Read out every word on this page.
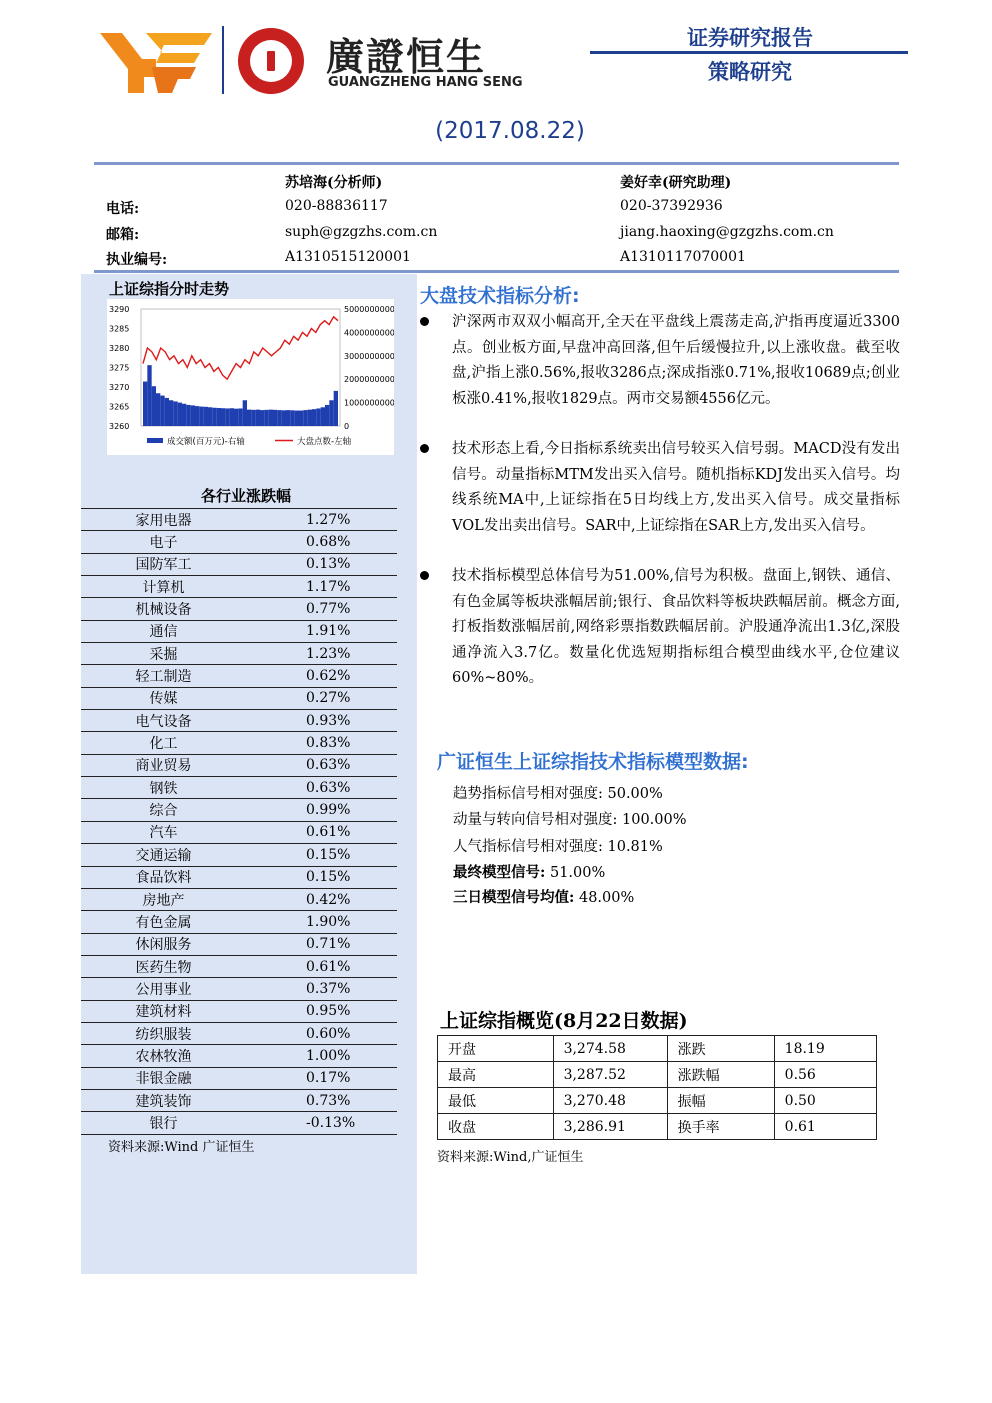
廣證恒生
GUANGZHENG HANG SENG
证券研究报告
策略研究
(2017.08.22)
苏培海(分析师)	姜好幸(研究助理)
电话:	020-88836117	020-37392936
邮箱:	suph@gzgzhs.com.cn	jiang.haoxing@gzgzhs.com.cn
执业编号:	A1310515120001	A1310117070001
上证综指分时走势
3290
3285
3280
3275
3270
3265
3260
5000000000
4000000000
3000000000
2000000000
1000000000
0
成交额(百万元)-右轴	大盘点数-左轴
各行业涨跌幅
家用电器	1.27%
电子	0.68%
国防军工	0.13%
计算机	1.17%
机械设备	0.77%
通信	1.91%
采掘	1.23%
轻工制造	0.62%
传媒	0.27%
电气设备	0.93%
化工	0.83%
商业贸易	0.63%
钢铁	0.63%
综合	0.99%
汽车	0.61%
交通运输	0.15%
食品饮料	0.15%
房地产	0.42%
有色金属	1.90%
休闲服务	0.71%
医药生物	0.61%
公用事业	0.37%
建筑材料	0.95%
纺织服装	0.60%
农林牧渔	1.00%
非银金融	0.17%
建筑装饰	0.73%
银行	-0.13%
资料来源:Wind 广证恒生
大盘技术指标分析:
沪深两市双双小幅高开,全天在平盘线上震荡走高,沪指再度逼近3300点。创业板方面,早盘冲高回落,但午后缓慢拉升,以上涨收盘。截至收盘,沪指上涨0.56%,报收3286点;深成指涨0.71%,报收10689点;创业板涨0.41%,报收1829点。两市交易额4556亿元。
技术形态上看,今日指标系统卖出信号较买入信号弱。MACD没有发出信号。动量指标MTM发出买入信号。随机指标KDJ发出买入信号。均线系统MA中,上证综指在5日均线上方,发出买入信号。成交量指标VOL发出卖出信号。SAR中,上证综指在SAR上方,发出买入信号。
技术指标模型总体信号为51.00%,信号为积极。盘面上,钢铁、通信、有色金属等板块涨幅居前;银行、食品饮料等板块跌幅居前。概念方面,打板指数涨幅居前,网络彩票指数跌幅居前。沪股通净流出1.3亿,深股通净流入3.7亿。数量化优选短期指标组合模型曲线水平,仓位建议60%~80%。
广证恒生上证综指技术指标模型数据:
趋势指标信号相对强度: 50.00%
动量与转向信号相对强度: 100.00%
人气指标信号相对强度: 10.81%
最终模型信号: 51.00%
三日模型信号均值: 48.00%
上证综指概览(8月22日数据)
开盘	3,274.58	涨跌	18.19
最高	3,287.52	涨跌幅	0.56
最低	3,270.48	振幅	0.50
收盘	3,286.91	换手率	0.61
资料来源:Wind,广证恒生
